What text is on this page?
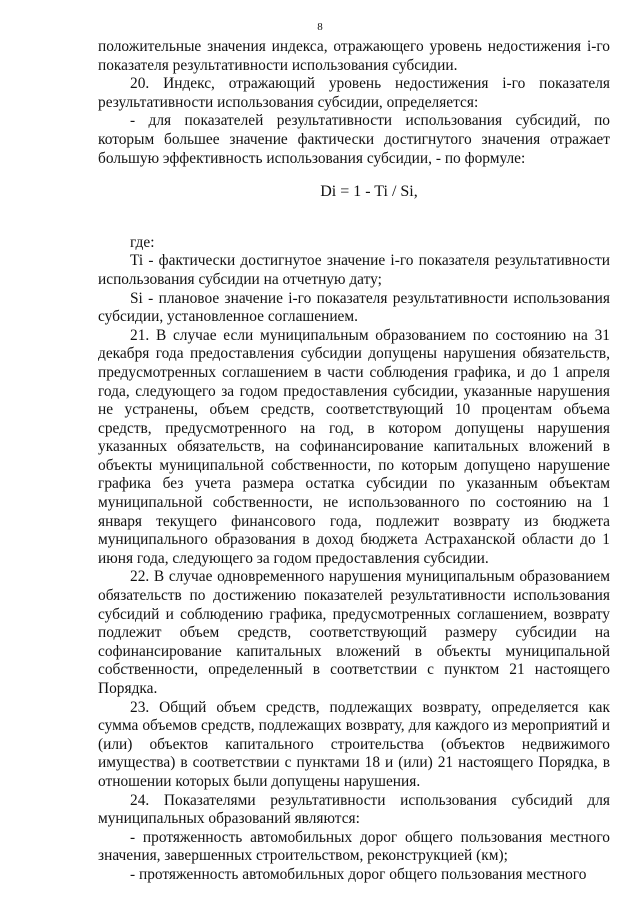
8

положительные значения индекса, отражающего уровень недостижения i-го показателя результативности использования субсидии.

20. Индекс, отражающий уровень недостижения i-го показателя результативности использования субсидии, определяется:

- для показателей результативности использования субсидий, по которым большее значение фактически достигнутого значения отражает большую эффективность использования субсидии, - по формуле:

Di = 1 - Ti / Si,

где:

Ti - фактически достигнутое значение i-го показателя результативности использования субсидии на отчетную дату;

Si - плановое значение i-го показателя результативности использования субсидии, установленное соглашением.

21. В случае если муниципальным образованием по состоянию на 31 декабря года предоставления субсидии допущены нарушения обязательств, предусмотренных соглашением в части соблюдения графика, и до 1 апреля года, следующего за годом предоставления субсидии, указанные нарушения не устранены, объем средств, соответствующий 10 процентам объема средств, предусмотренного на год, в котором допущены нарушения указанных обязательств, на софинансирование капитальных вложений в объекты муниципальной собственности, по которым допущено нарушение графика без учета размера остатка субсидии по указанным объектам муниципальной собственности, не использованного по состоянию на 1 января текущего финансового года, подлежит возврату из бюджета муниципального образования в доход бюджета Астраханской области до 1 июня года, следующего за годом предоставления субсидии.

22. В случае одновременного нарушения муниципальным образованием обязательств по достижению показателей результативности использования субсидий и соблюдению графика, предусмотренных соглашением, возврату подлежит объем средств, соответствующий размеру субсидии на софинансирование капитальных вложений в объекты муниципальной собственности, определенный в соответствии с пунктом 21 настоящего Порядка.

23. Общий объем средств, подлежащих возврату, определяется как сумма объемов средств, подлежащих возврату, для каждого из мероприятий и (или) объектов капитального строительства (объектов недвижимого имущества) в соответствии с пунктами 18 и (или) 21 настоящего Порядка, в отношении которых были допущены нарушения.

24. Показателями результативности использования субсидий для муниципальных образований являются:

- протяженность автомобильных дорог общего пользования местного значения, завершенных строительством, реконструкцией (км);

- протяженность автомобильных дорог общего пользования местного
